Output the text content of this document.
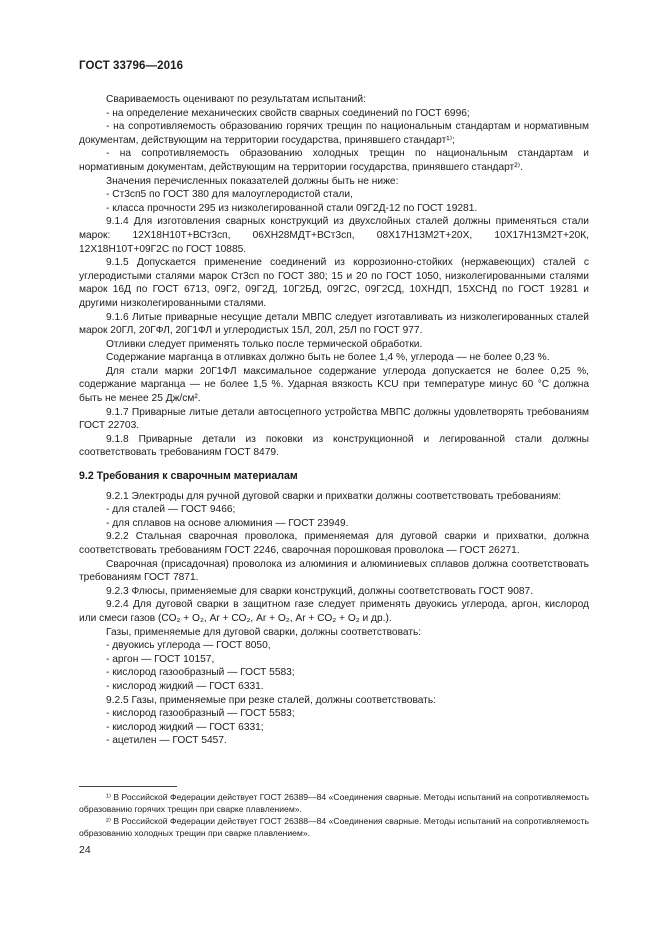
ГОСТ 33796—2016

Свариваемость оценивают по результатам испытаний:

- на определение механических свойств сварных соединений по ГОСТ 6996;

- на сопротивляемость образованию горячих трещин по национальным стандартам и нормативным документам, действующим на территории государства, принявшего стандарт¹⁾;

- на сопротивляемость образованию холодных трещин по национальным стандартам и нормативным документам, действующим на территории государства, принявшего стандарт²⁾.

Значения перечисленных показателей должны быть не ниже:

- Ст3сп5 по ГОСТ 380 для малоуглеродистой стали,

- класса прочности 295 из низколегированной стали 09Г2Д-12 по ГОСТ 19281.

9.1.4 Для изготовления сварных конструкций из двухслойных сталей должны применяться стали марок: 12Х18Н10Т+ВСт3сп, 06ХН28МДТ+ВСт3сп, 08Х17Н13М2Т+20Х, 10Х17Н13М2Т+20К, 12Х18Н10Т+09Г2С по ГОСТ 10885.

9.1.5 Допускается применение соединений из коррозионно-стойких (нержавеющих) сталей с углеродистыми сталями марок Ст3сп по ГОСТ 380; 15 и 20 по ГОСТ 1050, низколегированными сталями марок 16Д по ГОСТ 6713, 09Г2, 09Г2Д, 10Г2БД, 09Г2С, 09Г2СД, 10ХНДП, 15ХСНД по ГОСТ 19281 и другими низколегированными сталями.

9.1.6 Литые приварные несущие детали МВПС следует изготавливать из низколегированных сталей марок 20ГЛ, 20ГФЛ, 20Г1ФЛ и углеродистых 15Л, 20Л, 25Л по ГОСТ 977.

Отливки следует применять только после термической обработки.

Содержание марганца в отливках должно быть не более 1,4 %, углерода — не более 0,23 %.

Для стали марки 20Г1ФЛ максимальное содержание углерода допускается не более 0,25 %, содержание марганца — не более 1,5 %. Ударная вязкость KCU при температуре минус 60 °С должна быть не менее 25 Дж/см².

9.1.7 Приварные литые детали автосцепного устройства МВПС должны удовлетворять требованиям ГОСТ 22703.

9.1.8 Приварные детали из поковки из конструкционной и легированной стали должны соответствовать требованиям ГОСТ 8479.

9.2 Требования к сварочным материалам

9.2.1 Электроды для ручной дуговой сварки и прихватки должны соответствовать требованиям:

- для сталей — ГОСТ 9466;

- для сплавов на основе алюминия — ГОСТ 23949.

9.2.2 Стальная сварочная проволока, применяемая для дуговой сварки и прихватки, должна соответствовать требованиям ГОСТ 2246, сварочная порошковая проволока — ГОСТ 26271.

Сварочная (присадочная) проволока из алюминия и алюминиевых сплавов должна соответствовать требованиям ГОСТ 7871.

9.2.3 Флюсы, применяемые для сварки конструкций, должны соответствовать ГОСТ 9087.

9.2.4 Для дуговой сварки в защитном газе следует применять двуокись углерода, аргон, кислород или смеси газов (СО₂ + О₂, Ar + СО₂, Ar + О₂, Ar + СО₂ + О₂ и др.).

Газы, применяемые для дуговой сварки, должны соответствовать:

- двуокись углерода — ГОСТ 8050,

- аргон — ГОСТ 10157,

- кислород газообразный — ГОСТ 5583;

- кислород жидкий — ГОСТ 6331.

9.2.5 Газы, применяемые при резке сталей, должны соответствовать:

- кислород газообразный — ГОСТ 5583;

- кислород жидкий — ГОСТ 6331;

- ацетилен — ГОСТ 5457.

¹⁾ В Российской Федерации действует ГОСТ 26389—84 «Соединения сварные. Методы испытаний на сопротивляемость образованию горячих трещин при сварке плавлением».

²⁾ В Российской Федерации действует ГОСТ 26388—84 «Соединения сварные. Методы испытаний на сопротивляемость образованию холодных трещин при сварке плавлением».

24
